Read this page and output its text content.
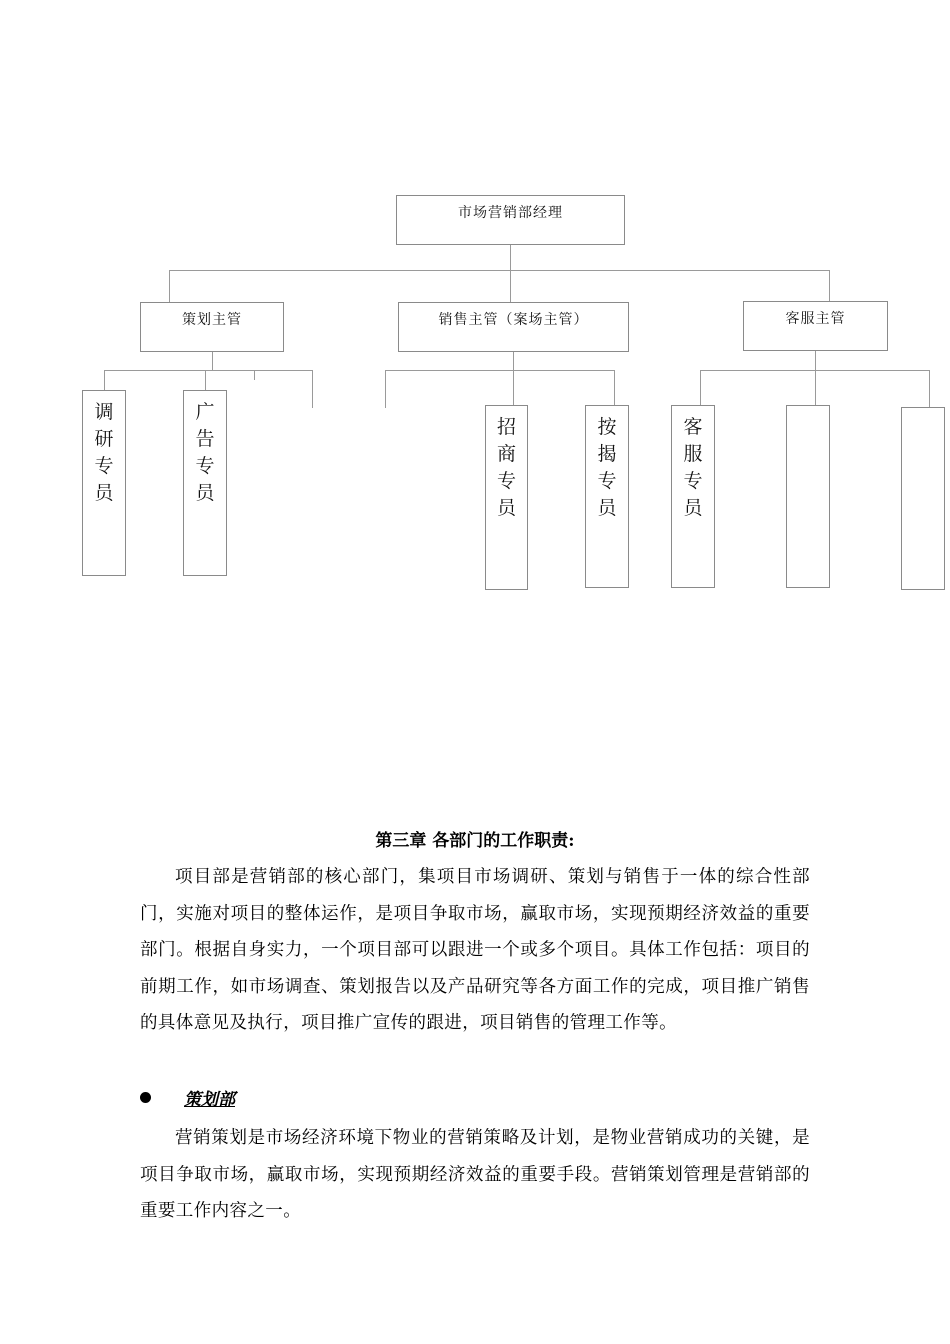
市场营销部经理
策划主管	销售主管（案场主管）	客服主管
调研专员
广告专员
招商专员
按揭专员
客服专员
第三章 各部门的工作职责:
项目部是营销部的核心部门，集项目市场调研、策划与销售于一体的综合性部门，实施对项目的整体运作，是项目争取市场，赢取市场，实现预期经济效益的重要部门。根据自身实力，一个项目部可以跟进一个或多个项目。具体工作包括：项目的前期工作，如市场调查、策划报告以及产品研究等各方面工作的完成，项目推广销售的具体意见及执行，项目推广宣传的跟进，项目销售的管理工作等。
策划部
营销策划是市场经济环境下物业的营销策略及计划，是物业营销成功的关键，是项目争取市场，赢取市场，实现预期经济效益的重要手段。营销策划管理是营销部的重要工作内容之一。
